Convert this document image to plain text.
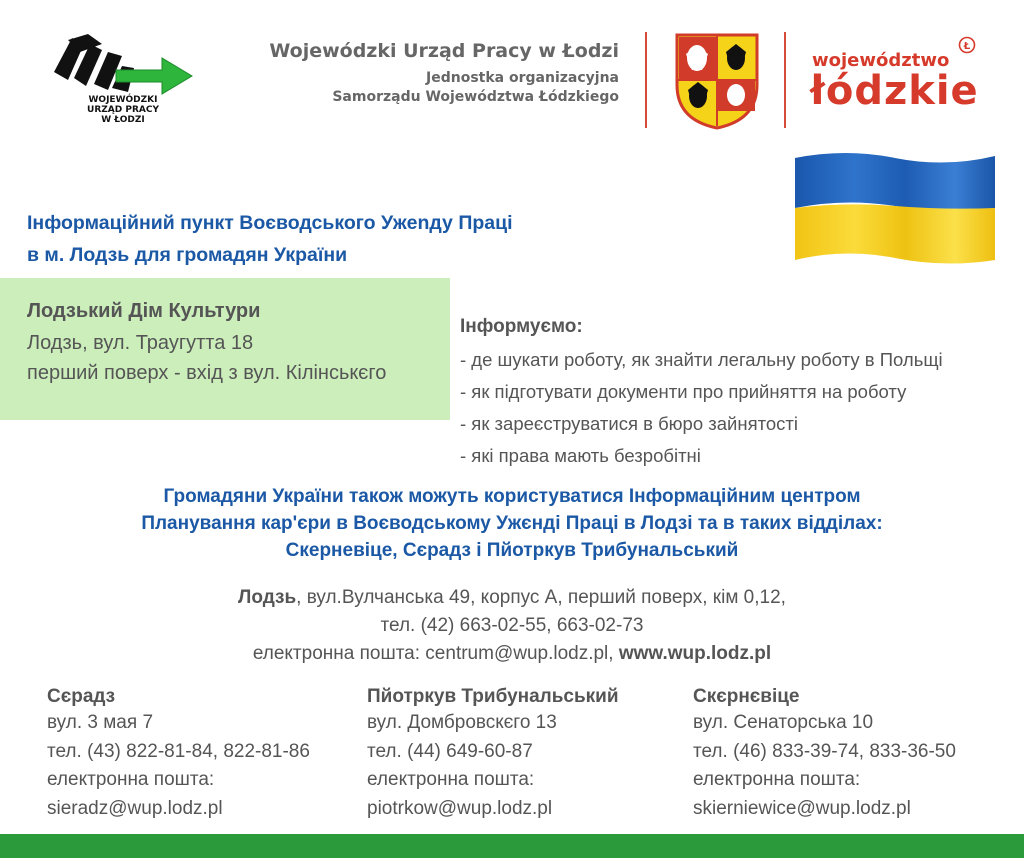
WOJEWÓDZKI
URZĄD PRACY
W ŁODZI
Wojewódzki Urząd Pracy w Łodzi
Jednostka organizacyjna
Samorządu Województwa Łódzkiego
województwo
łódzkie
Ł
Інформаційний пункт Воєводського Ужenду Праці
в м. Лодзь для громадян України
Лодзький Дім Культури
Лодзь, вул. Траугутта 18
перший поверх - вхід з вул. Кілінськєго
Інформуємо:
- де шукати роботу, як знайти легальну роботу в Польщі
- як підготувати документи про прийняття на роботу
- як зареєструватися в бюро зайнятості
- які права мають безробітні
Громадяни України також можуть користуватися Інформаційним центром
Планування кар'єри в Воєводському Ужєнді Праці в Лодзі та в таких відділах:
Скерневіце, Сєрадз і Пйотркув Трибунальський
Лодзь, вул.Вулчанська 49, корпус А, перший поверх, кім 0,12,
тел. (42) 663-02-55, 663-02-73
електронна пошта: centrum@wup.lodz.pl, www.wup.lodz.pl
Сєрадз
вул. 3 мая 7
тел. (43) 822-81-84, 822-81-86
електронна пошта:
sieradz@wup.lodz.pl
Пйотркув Трибунальський
вул. Домбровскєго 13
тел. (44) 649-60-87
електронна пошта:
piotrkow@wup.lodz.pl
Скєрнєвіце
вул. Сенаторська 10
тел. (46) 833-39-74, 833-36-50
електронна пошта:
skierniewice@wup.lodz.pl
